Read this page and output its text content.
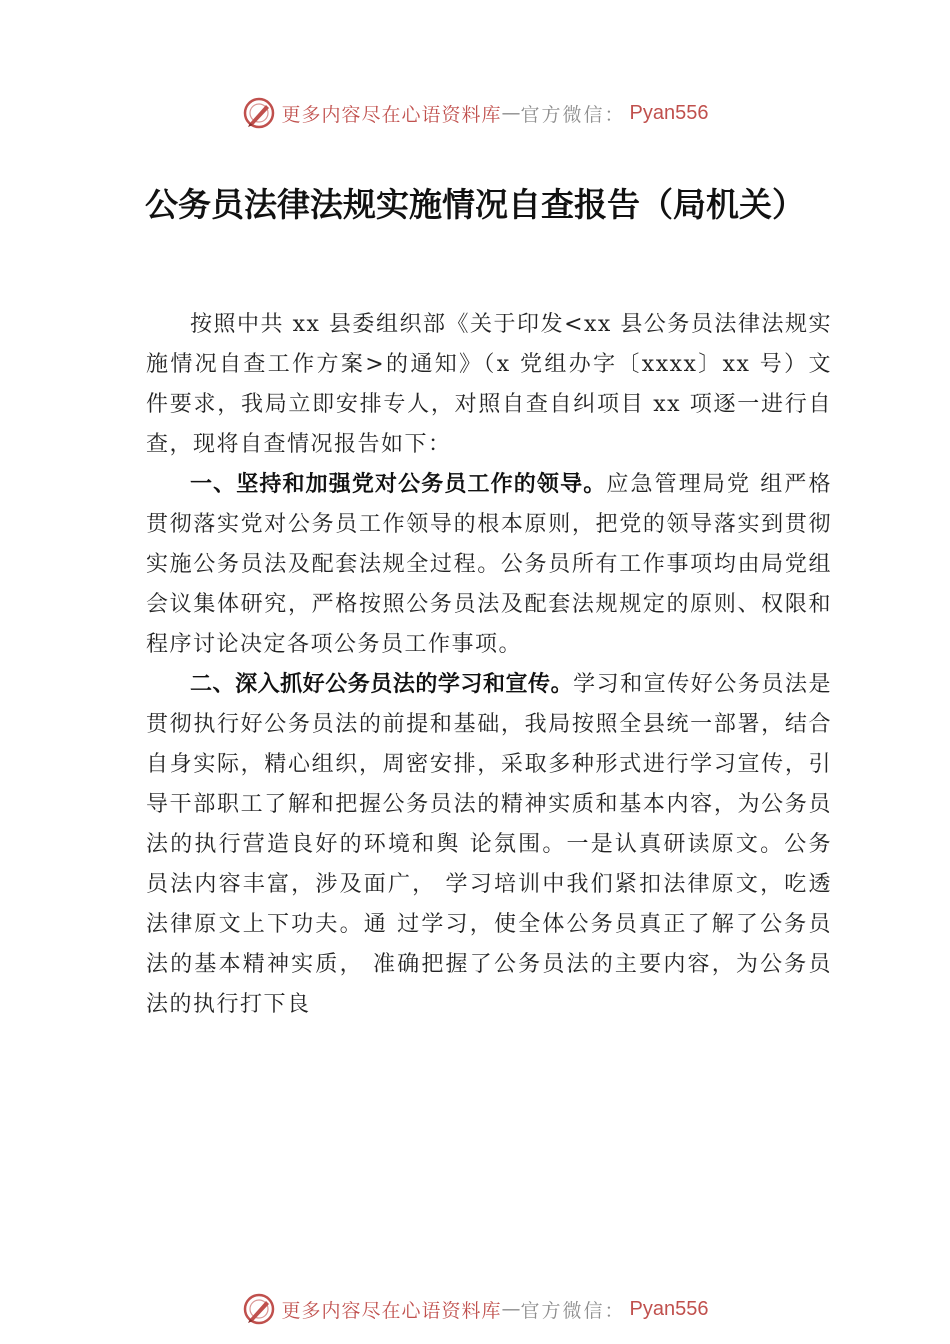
更多内容尽在心语资料库 — 官方微信： Pyan556
公务员法律法规实施情况自查报告（局机关）

按照中共 xx 县委组织部《关于印发<xx 县公务员法律法规实施情况自查工作方案>的通知》（x 党组办字〔xxxx〕xx 号）文件要求，我局立即安排专人，对照自查自纠项目 xx 项逐一进行自查，现将自查情况报告如下：

一、坚持和加强党对公务员工作的领导。应急管理局党 组严格贯彻落实党对公务员工作领导的根本原则，把党的领导落实到贯彻实施公务员法及配套法规全过程。公务员所有工作事项均由局党组会议集体研究，严格按照公务员法及配套法规规定的原则、权限和程序讨论决定各项公务员工作事项。

二、深入抓好公务员法的学习和宣传。学习和宣传好公务员法是贯彻执行好公务员法的前提和基础，我局按照全县统一部署，结合自身实际，精心组织，周密安排，采取多种形式进行学习宣传，引导干部职工了解和把握公务员法的精神实质和基本内容，为公务员法的执行营造良好的环境和舆 论氛围。一是认真研读原文。公务员法内容丰富，涉及面广， 学习培训中我们紧扣法律原文，吃透法律原文上下功夫。通 过学习，使全体公务员真正了解了公务员法的基本精神实质， 准确把握了公务员法的主要内容，为公务员法的执行打下良

更多内容尽在心语资料库 — 官方微信： Pyan556
